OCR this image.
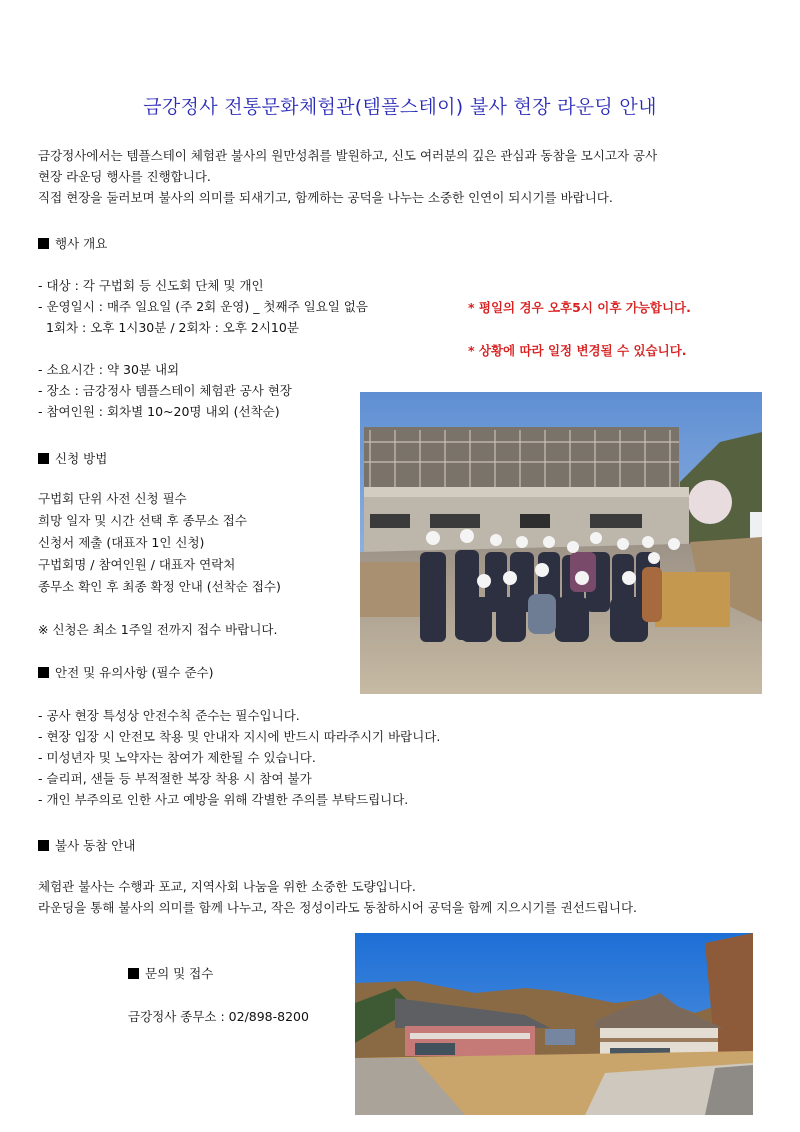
금강정사 전통문화체험관(템플스테이) 불사 현장 라운딩 안내
금강정사에서는 템플스테이 체험관 불사의 원만성취를 발원하고, 신도 여러분의 깊은 관심과 동참을 모시고자 공사
현장 라운딩 행사를 진행합니다.
직접 현장을 둘러보며 불사의 의미를 되새기고, 함께하는 공덕을 나누는 소중한 인연이 되시기를 바랍니다.
행사 개요
- 대상 : 각 구법회 등 신도회 단체 및 개인
- 운영일시 : 매주 일요일 (주 2회 운영) _ 첫째주 일요일 없음
1회차 : 오후 1시30분 / 2회차 : 오후 2시10분
- 소요시간 : 약 30분 내외
- 장소 : 금강정사 템플스테이 체험관 공사 현장
- 참여인원 : 회차별 10~20명 내외 (선착순)
* 평일의 경우 오후5시 이후 가능합니다.
* 상황에 따라 일정 변경될 수 있습니다.
신청 방법
구법회 단위 사전 신청 필수
희망 일자 및 시간 선택 후 종무소 접수
신청서 제출 (대표자 1인 신청)
구법회명 / 참여인원 / 대표자 연락처
종무소 확인 후 최종 확정 안내 (선착순 접수)
※ 신청은 최소 1주일 전까지 접수 바랍니다.
안전 및 유의사항 (필수 준수)
- 공사 현장 특성상 안전수칙 준수는 필수입니다.
- 현장 입장 시 안전모 착용 및 안내자 지시에 반드시 따라주시기 바랍니다.
- 미성년자 및 노약자는 참여가 제한될 수 있습니다.
- 슬리퍼, 샌들 등 부적절한 복장 착용 시 참여 불가
- 개인 부주의로 인한 사고 예방을 위해 각별한 주의를 부탁드립니다.
불사 동참 안내
체험관 불사는 수행과 포교, 지역사회 나눔을 위한 소중한 도량입니다.
라운딩을 통해 불사의 의미를 함께 나누고, 작은 정성이라도 동참하시어 공덕을 함께 지으시기를 권선드립니다.
문의 및 접수
금강정사 종무소 : 02/898-8200
